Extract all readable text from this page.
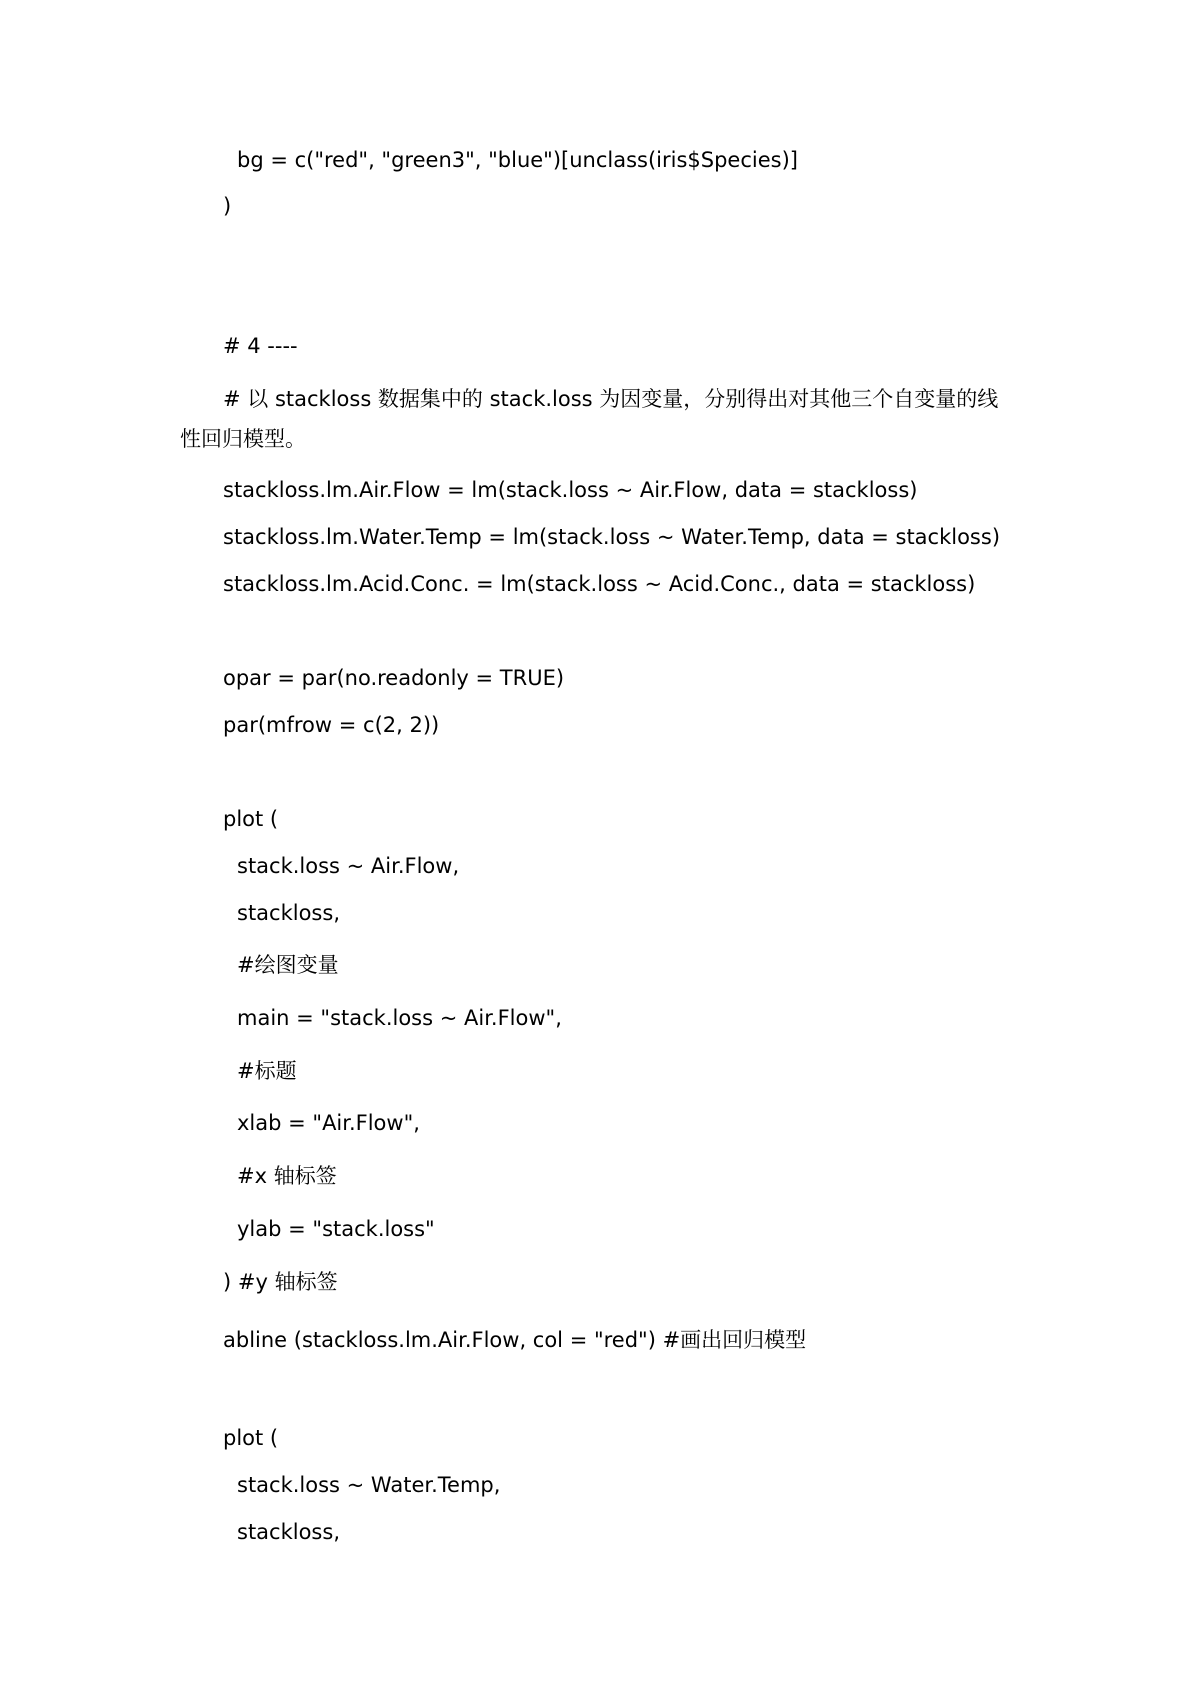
bg = c("red", "green3", "blue")[unclass(iris$Species)]
)
# 4 ----
# 以 stackloss 数据集中的 stack.loss 为因变量，分别得出对其他三个自变量的线
性回归模型。
stackloss.lm.Air.Flow = lm(stack.loss ~ Air.Flow, data = stackloss)
stackloss.lm.Water.Temp = lm(stack.loss ~ Water.Temp, data = stackloss)
stackloss.lm.Acid.Conc. = lm(stack.loss ~ Acid.Conc., data = stackloss)
opar = par(no.readonly = TRUE)
par(mfrow = c(2, 2))
plot (
stack.loss ~ Air.Flow,
stackloss,
#绘图变量
main = "stack.loss ~ Air.Flow",
#标题
xlab = "Air.Flow",
#x 轴标签
ylab = "stack.loss"
) #y 轴标签
abline (stackloss.lm.Air.Flow, col = "red") #画出回归模型
plot (
stack.loss ~ Water.Temp,
stackloss,
